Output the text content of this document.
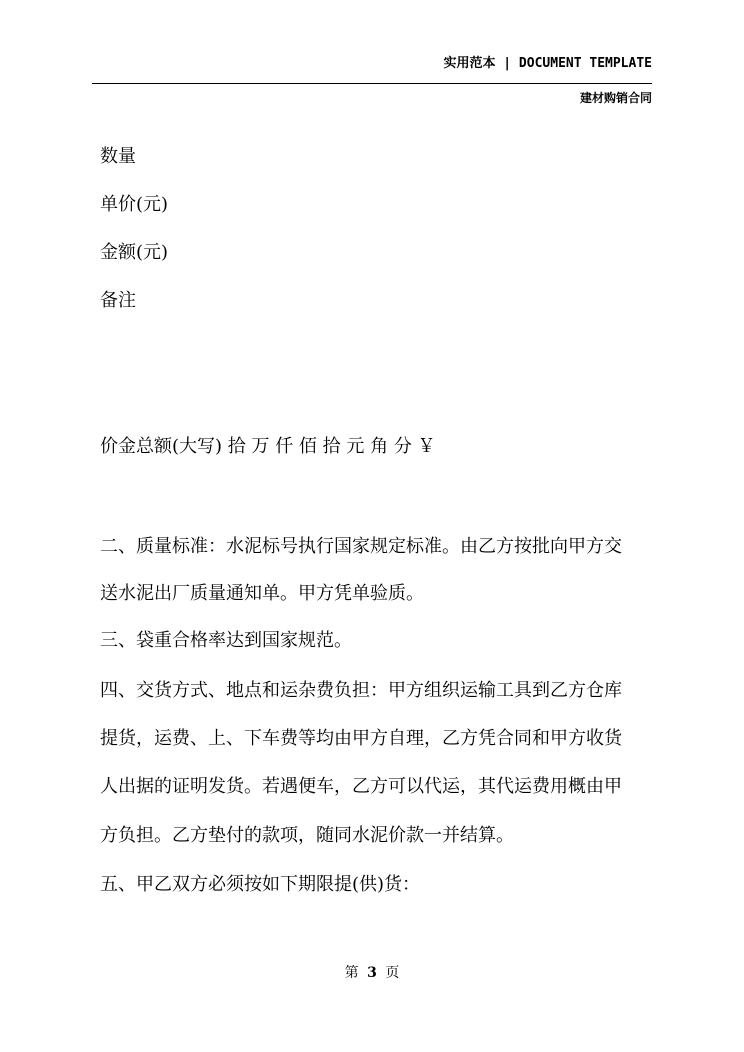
实用范本 | DOCUMENT TEMPLATE
建材购销合同
数量
单价(元)
金额(元)
备注
价金总额(大写) 拾 万 仟 佰 拾 元 角 分 ￥
二、质量标准：水泥标号执行国家规定标准。由乙方按批向甲方交
送水泥出厂质量通知单。甲方凭单验质。
三、袋重合格率达到国家规范。
四、交货方式、地点和运杂费负担：甲方组织运输工具到乙方仓库
提货，运费、上、下车费等均由甲方自理，乙方凭合同和甲方收货
人出据的证明发货。若遇便车，乙方可以代运，其代运费用概由甲
方负担。乙方垫付的款项，随同水泥价款一并结算。
五、甲乙双方必须按如下期限提(供)货：
第 3 页
